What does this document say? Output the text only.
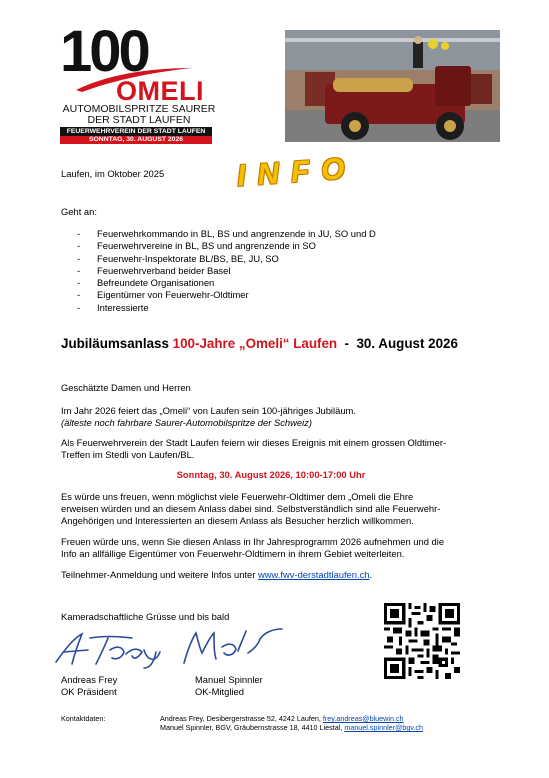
100
OMELI
AUTOMOBILSPRITZE SAURER
DER STADT LAUFEN
FEUERWEHRVEREIN DER STADT LAUFEN
SONNTAG, 30. AUGUST 2026
Laufen, im Oktober 2025 INFO
Geht an:
- Feuerwehrkommando in BL, BS und angrenzende in JU, SO und D
- Feuerwehrvereine in BL, BS und angrenzende in SO
- Feuerwehr-Inspektorate BL/BS, BE, JU, SO
- Feuerwehrverband beider Basel
- Befreundete Organisationen
- Eigentümer von Feuerwehr-Oldtimer
- Interessierte
Jubiläumsanlass 100-Jahre „Omeli“ Laufen  -  30. August 2026
Geschätzte Damen und Herren
Im Jahr 2026 feiert das „Omeli“ von Laufen sein 100-jähriges Jubiläum.
(älteste noch fahrbare Saurer-Automobilspritze der Schweiz)
Als Feuerwehrverein der Stadt Laufen feiern wir dieses Ereignis mit einem grossen Oldtimer-
Treffen im Stedli von Laufen/BL.
Sonntag, 30. August 2026, 10:00-17:00 Uhr
Es würde uns freuen, wenn möglichst viele Feuerwehr-Oldtimer dem „Omeli die Ehre
erweisen würden und an diesem Anlass dabei sind. Selbstverständlich sind alle Feuerwehr-
Angehörigen und Interessierten an diesem Anlass als Besucher herzlich willkommen.
Freuen würde uns, wenn Sie diesen Anlass in Ihr Jahresprogramm 2026 aufnehmen und die
Info an allfällige Eigentümer von Feuerwehr-Oldtimern in ihrem Gebiet weiterleiten.
Teilnehmer-Anmeldung und weitere Infos unter www.fwv-derstadtlaufen.ch.
Kameradschaftliche Grüsse und bis bald
Andreas Frey
OK Präsident
Manuel Spinnler
OK-Mitglied
Kontaktdaten:	Andreas Frey, Desibergerstrasse 52, 4242 Laufen, frey.andreas@bluewin.ch
Manuel Spinnler, BGV, Gräubernstrasse 18, 4410 Liestal, manuel.spinnler@bgv.ch
